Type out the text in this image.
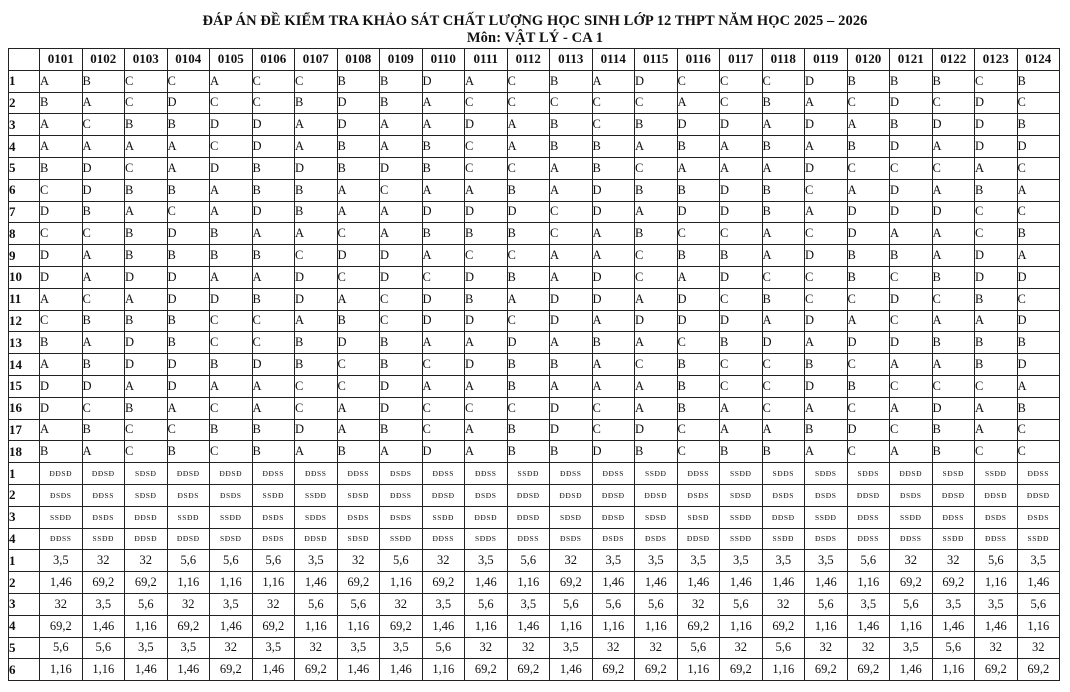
ĐÁP ÁN ĐỀ KIỂM TRA KHẢO SÁT CHẤT LƯỢNG HỌC SINH LỚP 12 THPT NĂM HỌC 2025 – 2026
Môn: VẬT LÝ - CA 1
	0101	0102	0103	0104	0105	0106	0107	0108	0109	0110	0111	0112	0113	0114	0115	0116	0117	0118	0119	0120	0121	0122	0123	0124
1	A	B	C	C	A	C	C	B	B	D	A	C	B	A	D	C	C	C	D	B	B	B	C	B
2	B	A	C	D	C	C	B	D	B	A	C	C	C	C	C	A	C	B	A	C	D	C	D	C
3	A	C	B	B	D	D	A	D	A	A	D	A	B	C	B	D	D	A	D	A	B	D	D	B
4	A	A	A	A	C	D	A	B	A	B	C	A	B	B	A	B	A	B	A	B	D	A	D	D
5	B	D	C	A	D	B	D	B	D	B	C	C	A	B	C	A	A	A	D	C	C	C	A	C
6	C	D	B	B	A	B	B	A	C	A	A	B	A	D	B	B	D	B	C	A	D	A	B	A
7	D	B	A	C	A	D	B	A	A	D	D	D	C	D	A	D	D	B	A	D	D	D	C	C
8	C	C	B	D	B	A	A	C	A	B	B	B	C	A	B	C	C	A	C	D	A	A	C	B
9	D	A	B	B	B	B	C	D	D	A	C	C	A	A	C	B	B	A	D	B	B	A	D	A
10	D	A	D	D	A	A	D	C	D	C	D	B	A	D	C	A	D	C	C	B	C	B	D	D
11	A	C	A	D	D	B	D	A	C	D	B	A	D	D	A	D	C	B	C	C	D	C	B	C
12	C	B	B	B	C	C	A	B	C	D	D	C	D	A	D	D	D	A	D	A	C	A	A	D
13	B	A	D	B	C	C	B	D	B	A	A	D	A	B	A	C	B	D	A	D	D	B	B	B
14	A	B	D	D	B	D	B	C	B	C	D	B	B	A	C	B	C	C	B	C	A	A	B	D
15	D	D	A	D	A	A	C	C	D	A	A	B	A	A	A	B	C	C	D	B	C	C	C	A
16	D	C	B	A	C	A	C	A	D	C	C	C	D	C	A	B	A	C	A	C	A	D	A	B
17	A	B	C	C	B	B	D	A	B	C	A	B	D	C	D	C	A	A	B	D	C	B	A	C
18	B	A	C	B	C	B	A	B	A	D	A	B	B	D	B	C	B	B	A	C	A	B	C	C
1	ĐĐSĐ	ĐĐSĐ	SĐSĐ	ĐĐSĐ	ĐĐSĐ	ĐĐSS	ĐĐSS	ĐĐSS	ĐSĐS	ĐĐSS	ĐĐSS	SSĐĐ	ĐĐSS	ĐĐSS	SSĐĐ	ĐĐSS	SSĐĐ	SĐĐS	SĐĐS	SĐĐS	ĐĐSĐ	SĐSĐ	SSĐĐ	ĐĐSS
2	ĐSĐS	ĐĐSS	SĐSĐ	ĐSĐS	ĐSĐS	SSĐĐ	SSĐĐ	SĐSĐ	ĐĐSS	ĐĐSĐ	ĐSĐS	ĐĐSĐ	ĐĐSĐ	ĐĐSĐ	ĐĐSĐ	ĐSĐS	SĐSĐ	ĐSĐS	ĐSĐS	ĐĐSĐ	ĐSĐS	ĐĐSĐ	ĐĐSĐ	ĐĐSĐ
3	SSĐĐ	ĐSĐS	ĐĐSĐ	SSĐĐ	SSĐĐ	ĐSĐS	SĐĐS	ĐSĐS	ĐSĐS	SSĐĐ	ĐĐSĐ	ĐĐSĐ	SĐSĐ	ĐĐSĐ	SĐSĐ	SĐSĐ	SSĐĐ	ĐĐSĐ	SSĐĐ	ĐĐSS	SSĐĐ	ĐĐSS	ĐSĐS	ĐSĐS
4	ĐĐSS	SSĐĐ	ĐĐSĐ	ĐĐSĐ	SĐSĐ	ĐSĐS	ĐĐSĐ	SĐSĐ	SSĐĐ	ĐĐSS	SĐĐS	ĐĐSS	ĐSĐS	ĐSĐS	ĐSĐS	ĐĐSĐ	SSĐĐ	SSĐĐ	ĐSĐS	ĐĐSS	ĐĐSS	SSĐĐ	ĐĐSS	SSĐĐ
1	3,5	32	32	5,6	5,6	5,6	3,5	32	5,6	32	3,5	5,6	32	3,5	3,5	3,5	3,5	3,5	3,5	5,6	32	32	5,6	3,5
2	1,46	69,2	69,2	1,16	1,16	1,16	1,46	69,2	1,16	69,2	1,46	1,16	69,2	1,46	1,46	1,46	1,46	1,46	1,46	1,16	69,2	69,2	1,16	1,46
3	32	3,5	5,6	32	3,5	32	5,6	5,6	32	3,5	5,6	3,5	5,6	5,6	5,6	32	5,6	32	5,6	3,5	5,6	3,5	3,5	5,6
4	69,2	1,46	1,16	69,2	1,46	69,2	1,16	1,16	69,2	1,46	1,16	1,46	1,16	1,16	1,16	69,2	1,16	69,2	1,16	1,46	1,16	1,46	1,46	1,16
5	5,6	5,6	3,5	3,5	32	3,5	32	3,5	3,5	5,6	32	32	3,5	32	32	5,6	32	5,6	32	32	3,5	5,6	32	32
6	1,16	1,16	1,46	1,46	69,2	1,46	69,2	1,46	1,46	1,16	69,2	69,2	1,46	69,2	69,2	1,16	69,2	1,16	69,2	69,2	1,46	1,16	69,2	69,2
